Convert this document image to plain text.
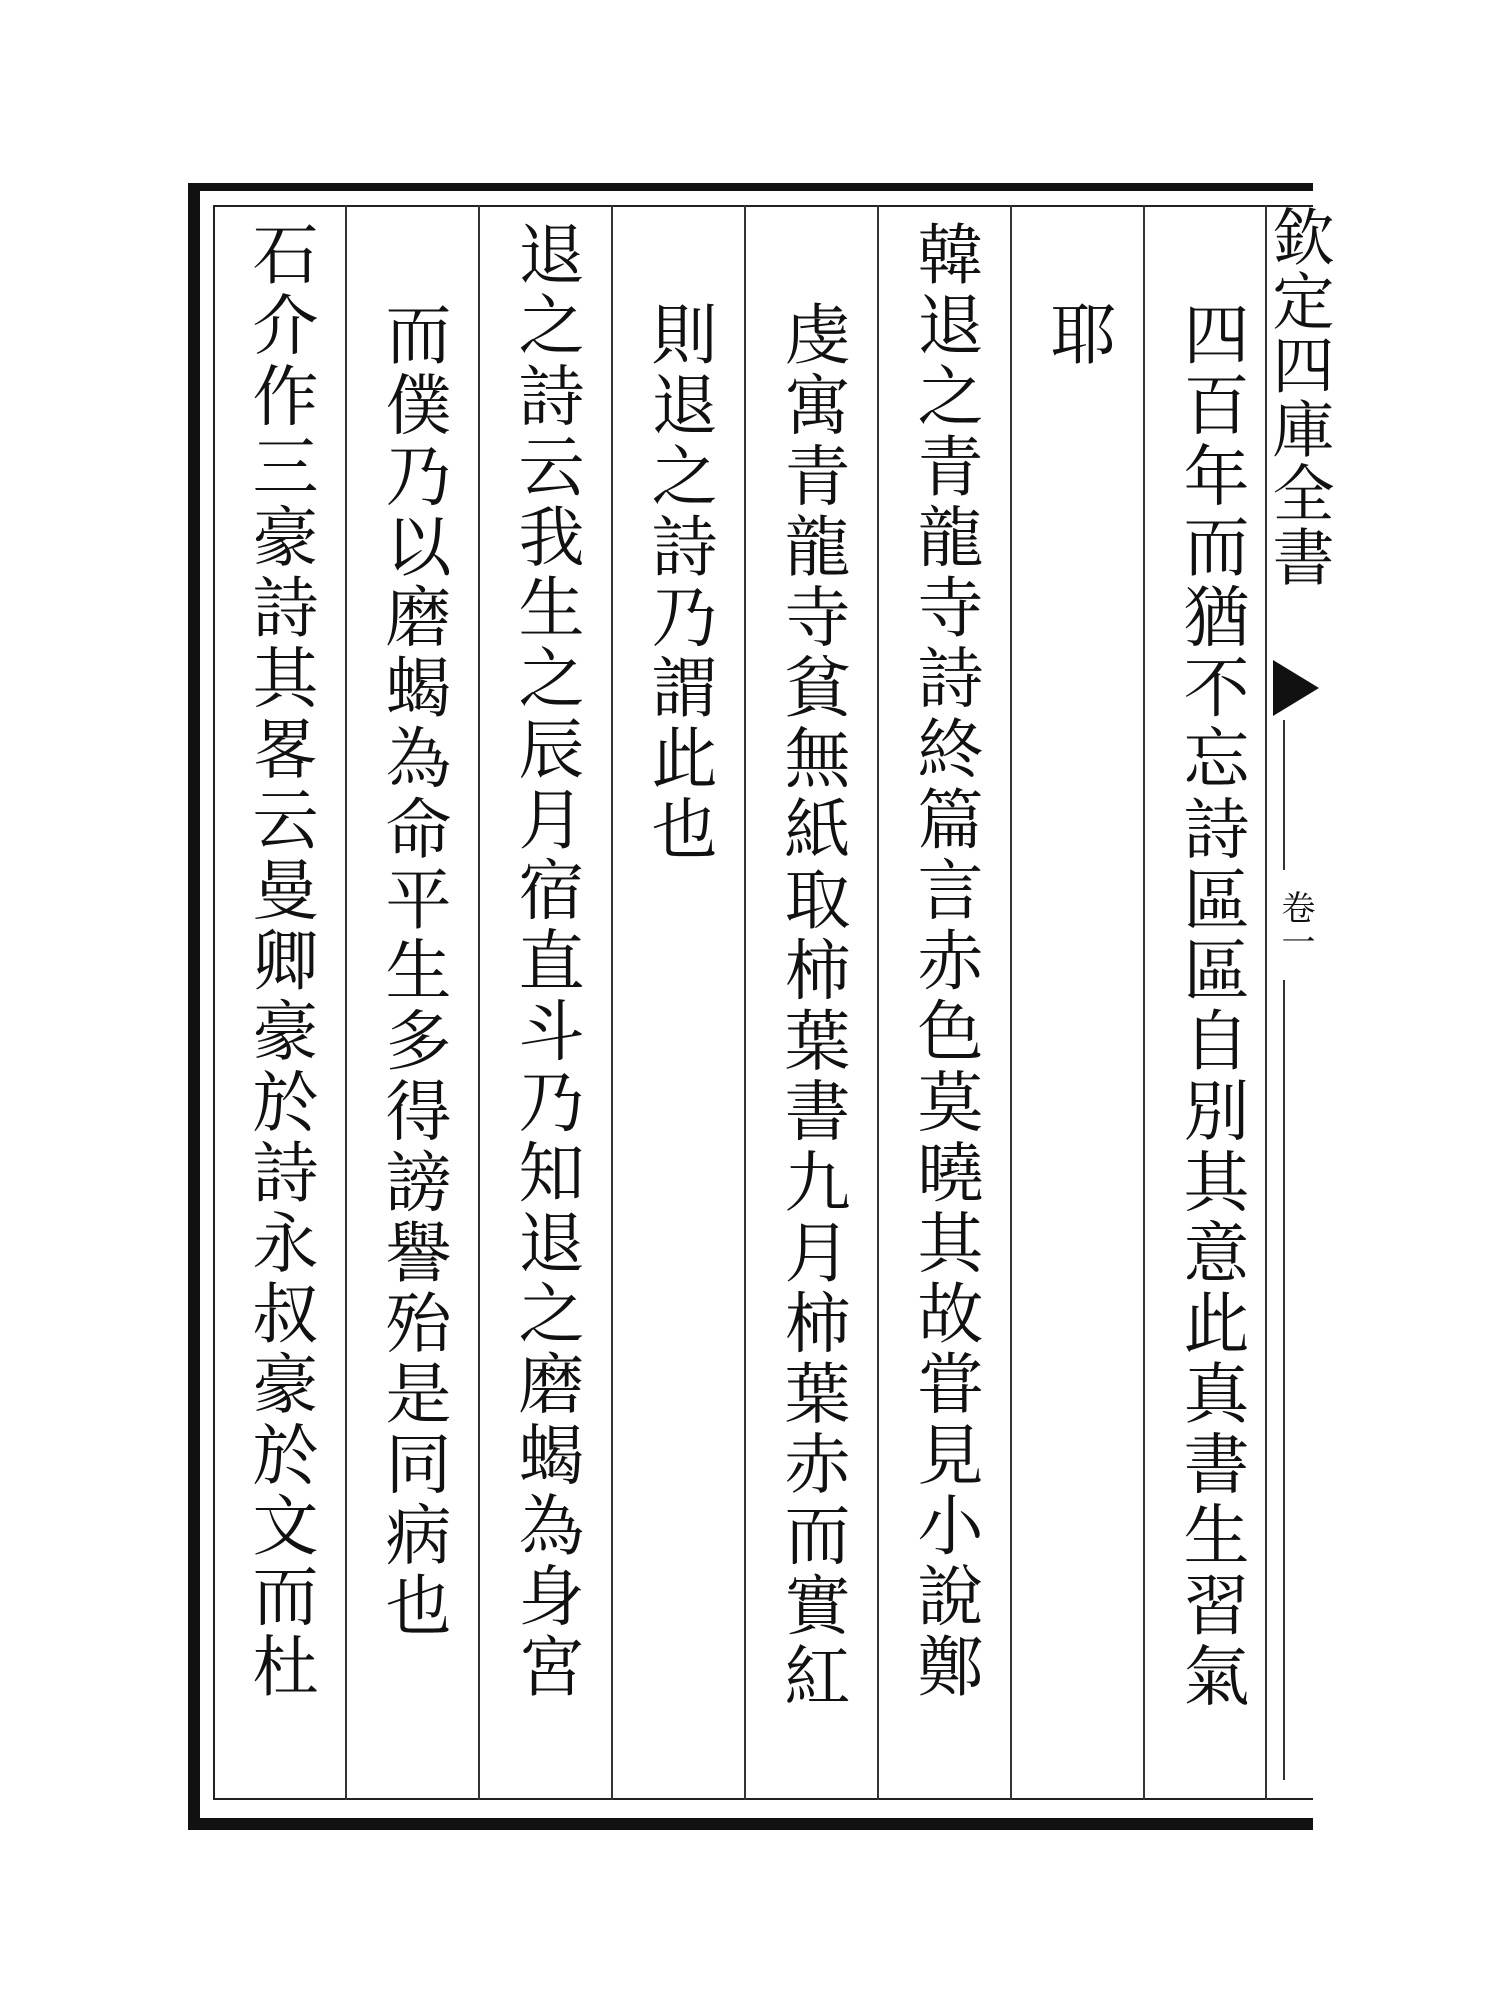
四百年而猶不忘詩區區自別其意此真書生習氣
耶
韓退之青龍寺詩終篇言赤色莫曉其故甞見小說鄭
虔寓青龍寺貧無紙取柿葉書九月柿葉赤而實紅
則退之詩乃謂此也
退之詩云我生之辰月宿直斗乃知退之磨蝎為身宮
而僕乃以磨蝎為命平生多得謗譽殆是同病也
石介作三豪詩其畧云曼卿豪於詩永叔豪於文而杜	欽定四庫全書
卷一
